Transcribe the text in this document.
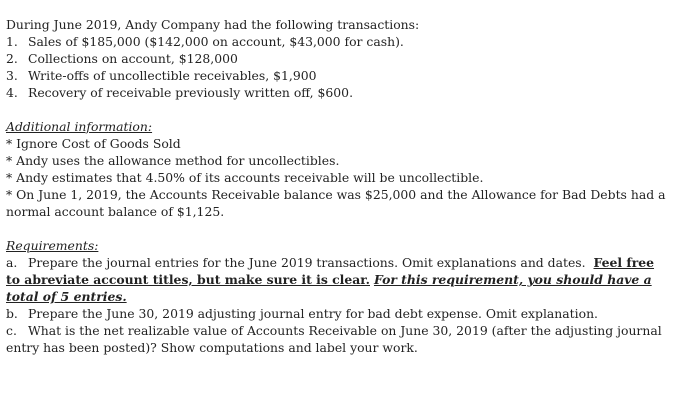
During June 2019, Andy Company had the following transactions:
1. Sales of $185,000 ($142,000 on account, $43,000 for cash).
2. Collections on account, $128,000
3. Write-offs of uncollectible receivables, $1,900
4. Recovery of receivable previously written off, $600.
Additional information:
* Ignore Cost of Goods Sold
* Andy uses the allowance method for uncollectibles.
* Andy estimates that 4.50% of its accounts receivable will be uncollectible.
* On June 1, 2019, the Accounts Receivable balance was $25,000 and the Allowance for Bad Debts had a normal account balance of $1,125.
Requirements:
a. Prepare the journal entries for the June 2019 transactions. Omit explanations and dates. Feel free to abreviate account titles, but make sure it is clear. For this requirement, you should have a total of 5 entries.
b. Prepare the June 30, 2019 adjusting journal entry for bad debt expense. Omit explanation.
c. What is the net realizable value of Accounts Receivable on June 30, 2019 (after the adjusting journal entry has been posted)? Show computations and label your work.
